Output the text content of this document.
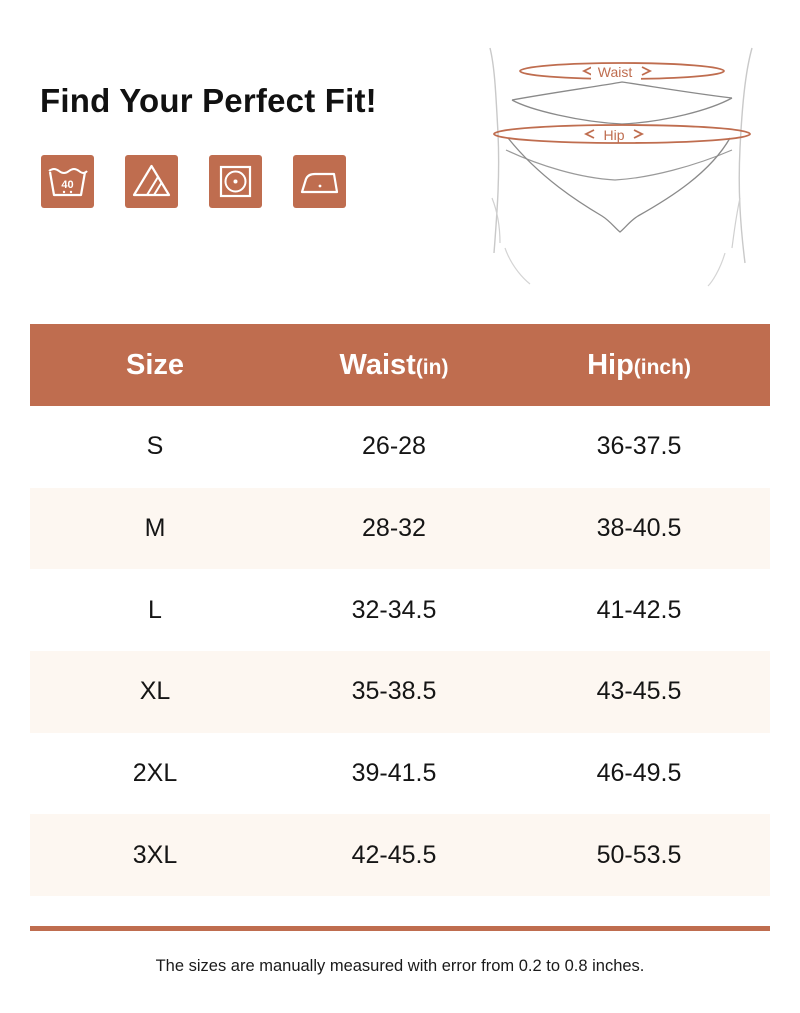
Find Your Perfect Fit!
40
Waist
Hip
Size	Waist (in)	Hip (inch)
S	26-28	36-37.5
M	28-32	38-40.5
L	32-34.5	41-42.5
XL	35-38.5	43-45.5
2XL	39-41.5	46-49.5
3XL	42-45.5	50-53.5
The sizes are manually measured with error from 0.2 to 0.8 inches.
